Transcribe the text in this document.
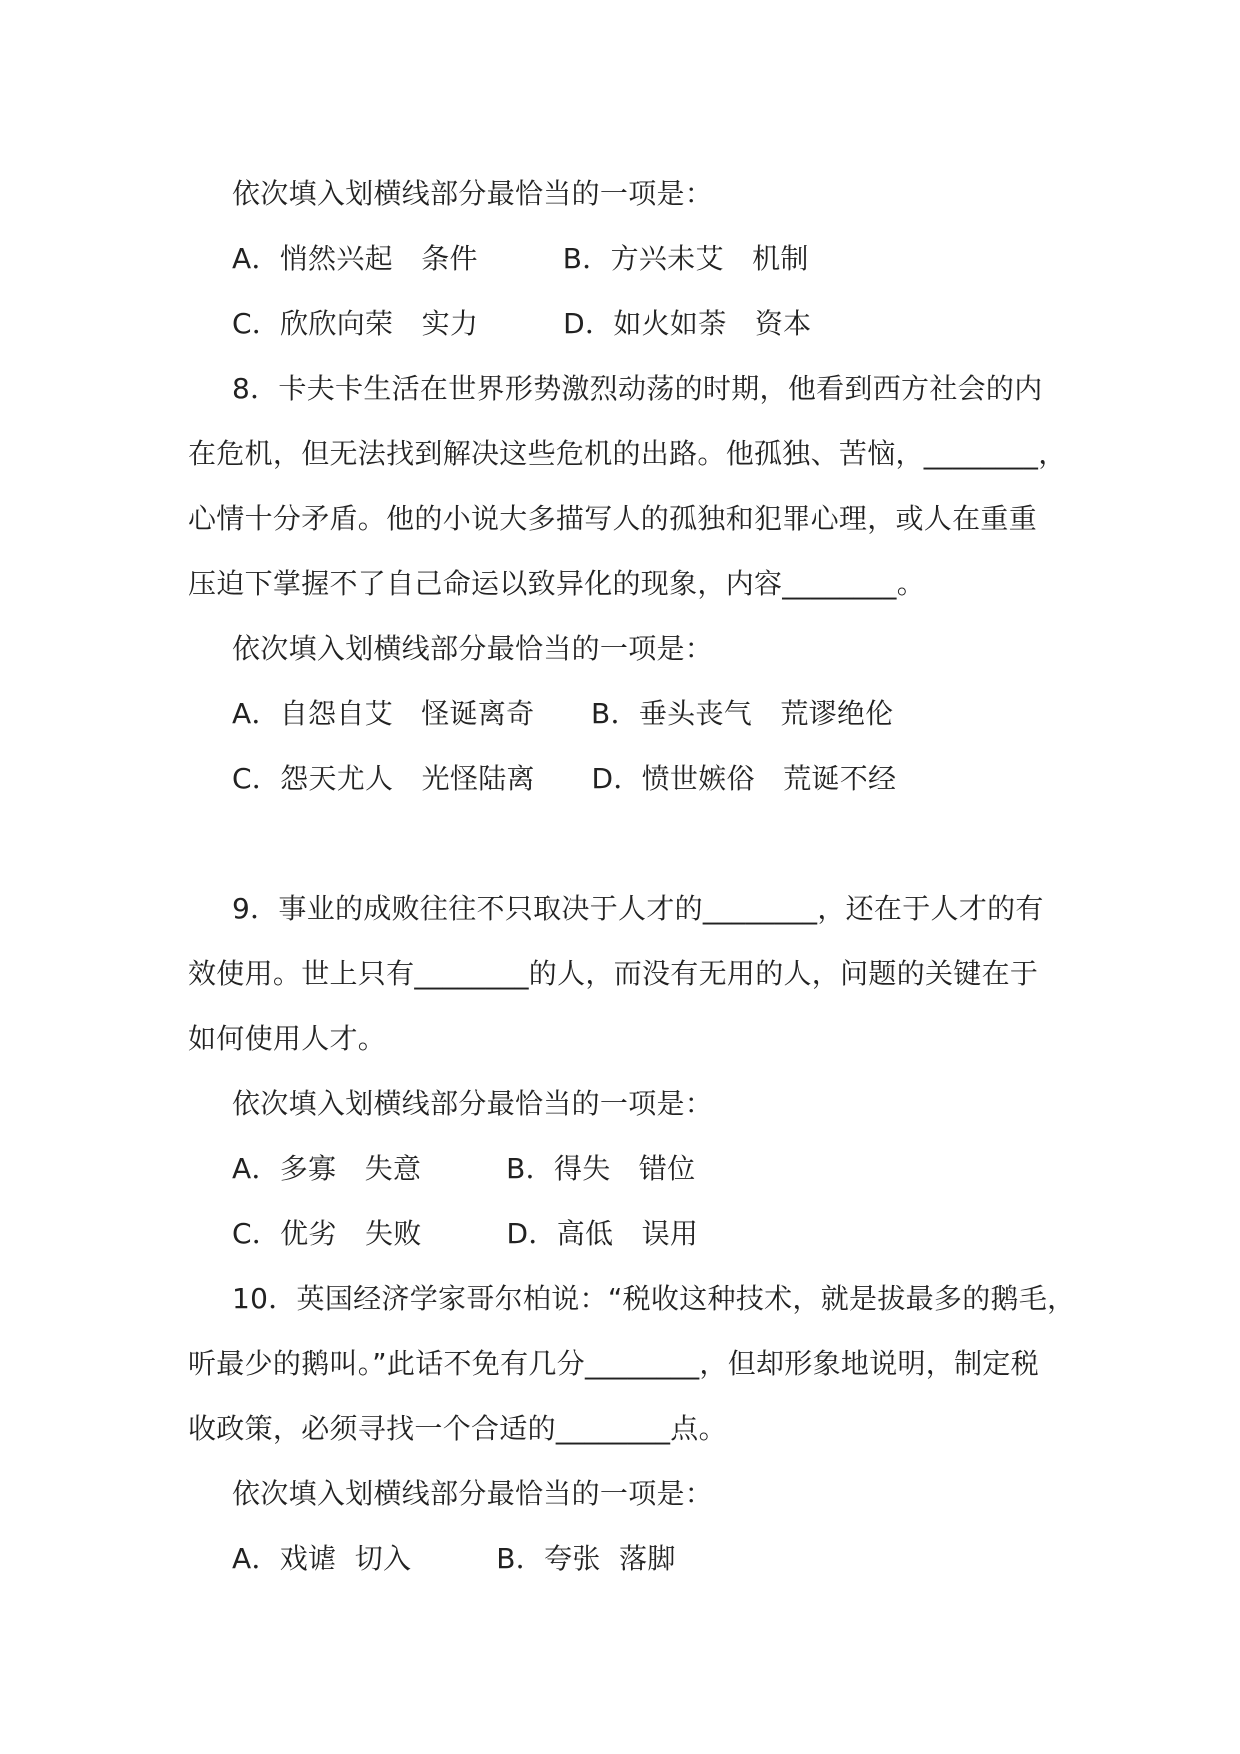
依次填入划横线部分最恰当的一项是：
A．悄然兴起　条件　　　B．方兴未艾　机制
C．欣欣向荣　实力　　　D．如火如荼　资本
8．卡夫卡生活在世界形势激烈动荡的时期，他看到西方社会的内
在危机，但无法找到解决这些危机的出路。他孤独、苦恼，________，
心情十分矛盾。他的小说大多描写人的孤独和犯罪心理，或人在重重
压迫下掌握不了自己命运以致异化的现象，内容________。
依次填入划横线部分最恰当的一项是：
A．自怨自艾　怪诞离奇　　B．垂头丧气　荒谬绝伦
C．怨天尤人　光怪陆离　　D．愤世嫉俗　荒诞不经
9．事业的成败往往不只取决于人才的________，还在于人才的有
效使用。世上只有________的人，而没有无用的人，问题的关键在于
如何使用人才。
依次填入划横线部分最恰当的一项是：
A．多寡　失意　　　B．得失　错位
C．优劣　失败　　　D．高低　误用
10．英国经济学家哥尔柏说：“税收这种技术，就是拔最多的鹅毛，
听最少的鹅叫。”此话不免有几分________，但却形象地说明，制定税
收政策，必须寻找一个合适的________点。
依次填入划横线部分最恰当的一项是：
A．戏谑  切入　　　B．夸张  落脚
